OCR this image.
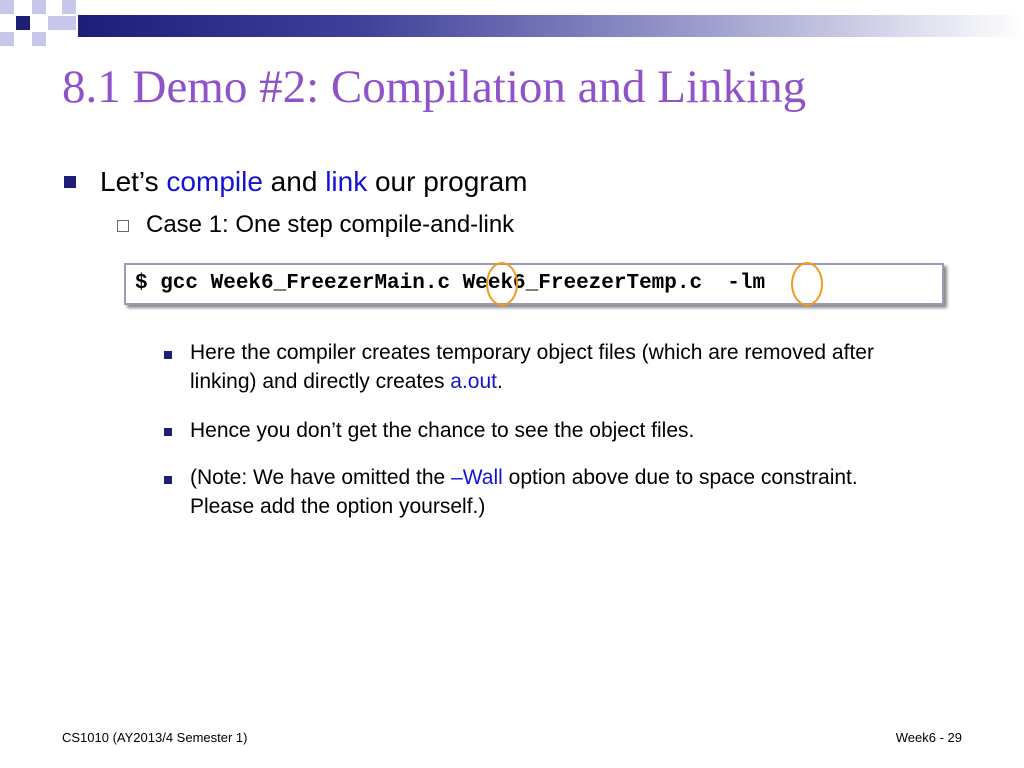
8.1 Demo #2: Compilation and Linking
Let’s compile and link our program
Case 1: One step compile-and-link
$ gcc Week6_FreezerMain.c Week6_FreezerTemp.c  -lm
Here the compiler creates temporary object files (which are removed after linking) and directly creates a.out.
Hence you don’t get the chance to see the object files.
(Note: We have omitted the –Wall option above due to space constraint. Please add the option yourself.)
CS1010 (AY2013/4 Semester 1)	Week6 - 29
